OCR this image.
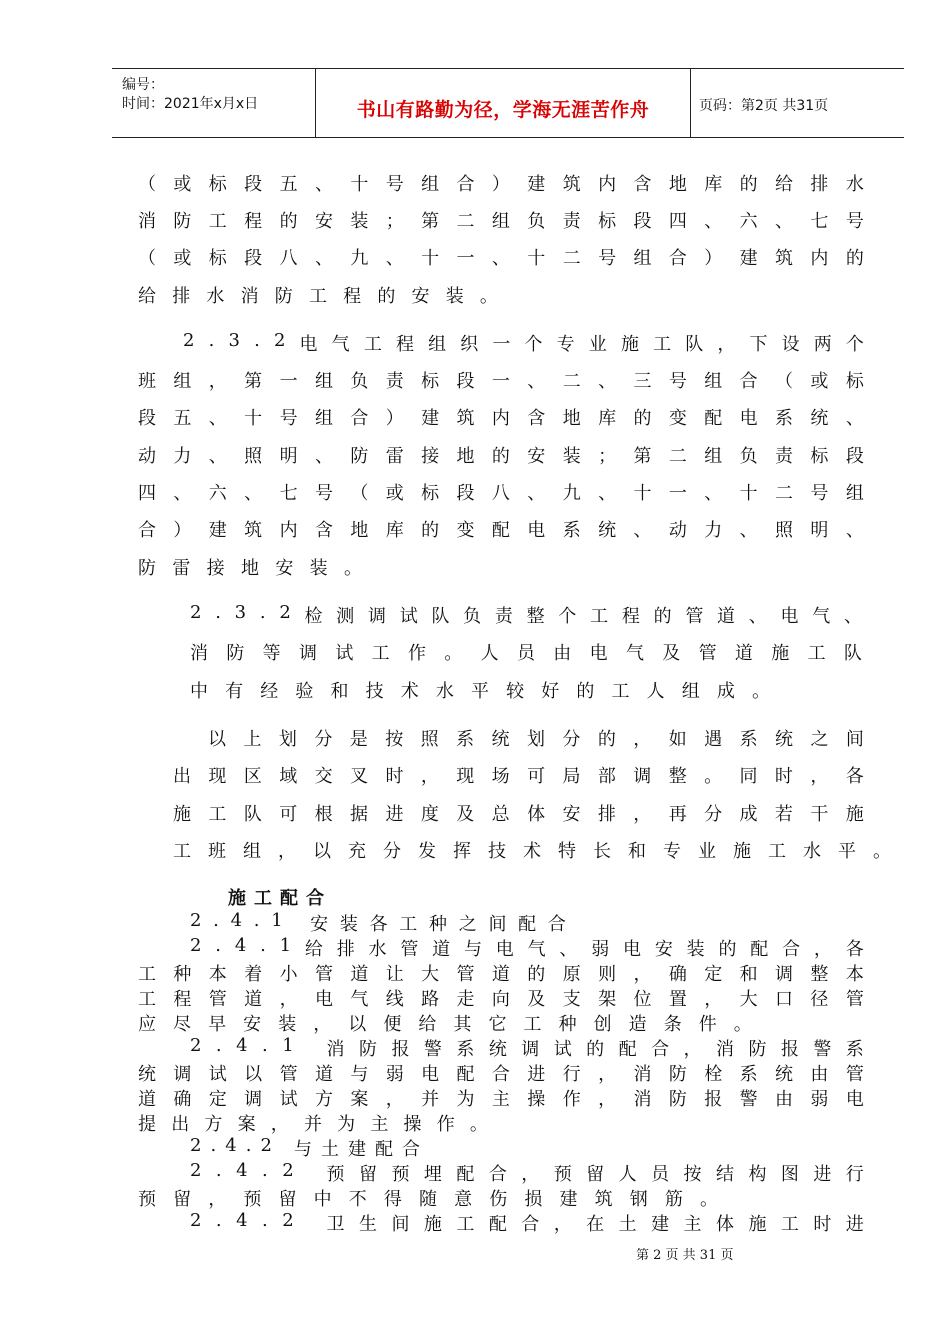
编号：
时间：2021年x月x日	书山有路勤为径，学海无涯苦作舟	页码：第2页 共31页
（ 或 标 段 五 、 十 号 组 合 ） 建 筑 内 含 地 库 的 给 排 水
消 防 工 程 的 安 装 ； 第 二 组 负 责 标 段 四 、 六 、 七 号
（ 或 标 段 八 、 九 、 十 一 、 十 二 号 组 合 ） 建 筑 内 的
给 排 水 消 防 工 程 的 安 装 。
2 . 3 . 2 电 气 工 程 组 织 一 个 专 业 施 工 队 ， 下 设 两 个
班 组 ， 第 一 组 负 责 标 段 一 、 二 、 三 号 组 合 （ 或 标
段 五 、 十 号 组 合 ） 建 筑 内 含 地 库 的 变 配 电 系 统 、
动 力 、 照 明 、 防 雷 接 地 的 安 装 ； 第 二 组 负 责 标 段
四 、 六 、 七 号 （ 或 标 段 八 、 九 、 十 一 、 十 二 号 组
合 ） 建 筑 内 含 地 库 的 变 配 电 系 统 、 动 力 、 照 明 、
防 雷 接 地 安 装 。
2 . 3 . 2 检 测 调 试 队 负 责 整 个 工 程 的 管 道 、 电 气 、
消 防 等 调 试 工 作 。 人 员 由 电 气 及 管 道 施 工 队
中 有 经 验 和 技 术 水 平 较 好 的 工 人 组 成 。
以 上 划 分 是 按 照 系 统 划 分 的 ， 如 遇 系 统 之 间
出 现 区 域 交 叉 时 ， 现 场 可 局 部 调 整 。 同 时 ， 各
施 工 队 可 根 据 进 度 及 总 体 安 排 ， 再 分 成 若 干 施
工 班 组 ， 以 充 分 发 挥 技 术 特 长 和 专 业 施 工 水 平 。
施工配合
2 . 4 . 1 安 装 各 工 种 之 间 配 合
2 . 4 . 1 给 排 水 管 道 与 电 气 、 弱 电 安 装 的 配 合 ， 各
工 种 本 着 小 管 道 让 大 管 道 的 原 则 ， 确 定 和 调 整 本
工 程 管 道 ， 电 气 线 路 走 向 及 支 架 位 置 ， 大 口 径 管
应 尽 早 安 装 ， 以 便 给 其 它 工 种 创 造 条 件 。
2 . 4 . 1 消 防 报 警 系 统 调 试 的 配 合 ， 消 防 报 警 系
统 调 试 以 管 道 与 弱 电 配 合 进 行 ， 消 防 栓 系 统 由 管
道 确 定 调 试 方 案 ， 并 为 主 操 作 ， 消 防 报 警 由 弱 电
提 出 方 案 ， 并 为 主 操 作 。
2 . 4 . 2 与 土 建 配 合
2 . 4 . 2 预 留 预 埋 配 合 ， 预 留 人 员 按 结 构 图 进 行
预 留 ， 预 留 中 不 得 随 意 伤 损 建 筑 钢 筋 。
2 . 4 . 2 卫 生 间 施 工 配 合 ， 在 土 建 主 体 施 工 时 进
第 2 页 共 31 页
